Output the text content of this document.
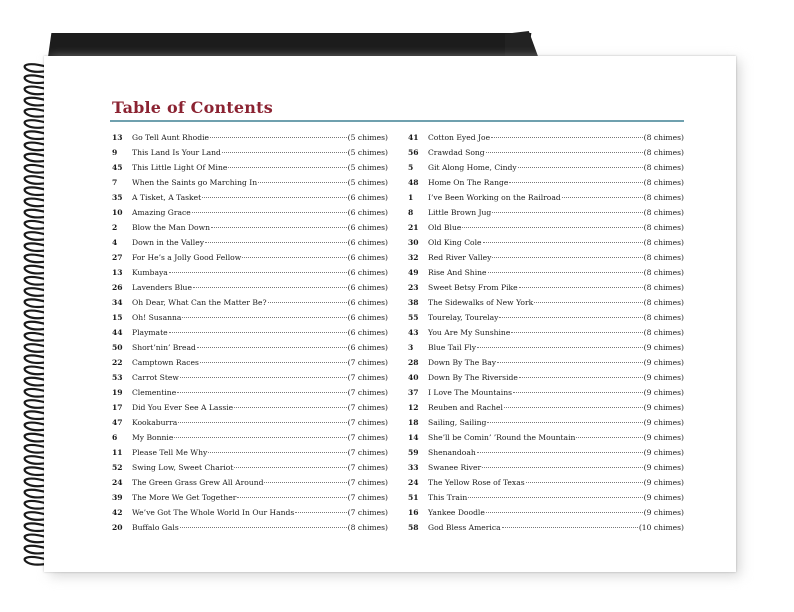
Table of Contents
13	Go Tell Aunt Rhodie	(5 chimes)
9	This Land Is Your Land	(5 chimes)
45	This Little Light Of Mine	(5 chimes)
7	When the Saints go Marching In	(5 chimes)
35	A Tisket, A Tasket	(6 chimes)
10	Amazing Grace	(6 chimes)
2	Blow the Man Down	(6 chimes)
4	Down in the Valley	(6 chimes)
27	For He’s a Jolly Good Fellow	(6 chimes)
13	Kumbaya	(6 chimes)
26	Lavenders Blue	(6 chimes)
34	Oh Dear, What Can the Matter Be?	(6 chimes)
15	Oh! Susanna	(6 chimes)
44	Playmate	(6 chimes)
50	Short’nin’ Bread	(6 chimes)
22	Camptown Races	(7 chimes)
53	Carrot Stew	(7 chimes)
19	Clementine	(7 chimes)
17	Did You Ever See A Lassie	(7 chimes)
47	Kookaburra	(7 chimes)
6	My Bonnie	(7 chimes)
11	Please Tell Me Why	(7 chimes)
52	Swing Low, Sweet Chariot	(7 chimes)
24	The Green Grass Grew All Around	(7 chimes)
39	The More We Get Together	(7 chimes)
42	We’ve Got The Whole World In Our Hands	(7 chimes)
20	Buffalo Gals	(8 chimes)
41	Cotton Eyed Joe	(8 chimes)
56	Crawdad Song	(8 chimes)
5	Git Along Home, Cindy	(8 chimes)
48	Home On The Range	(8 chimes)
1	I’ve Been Working on the Railroad	(8 chimes)
8	Little Brown Jug	(8 chimes)
21	Old Blue	(8 chimes)
30	Old King Cole	(8 chimes)
32	Red River Valley	(8 chimes)
49	Rise And Shine	(8 chimes)
23	Sweet Betsy From Pike	(8 chimes)
38	The Sidewalks of New York	(8 chimes)
55	Tourelay, Tourelay	(8 chimes)
43	You Are My Sunshine	(8 chimes)
3	Blue Tail Fly	(9 chimes)
28	Down By The Bay	(9 chimes)
40	Down By The Riverside	(9 chimes)
37	I Love The Mountains	(9 chimes)
12	Reuben and Rachel	(9 chimes)
18	Sailing, Sailing	(9 chimes)
14	She’ll be Comin’ ’Round the Mountain	(9 chimes)
59	Shenandoah	(9 chimes)
33	Swanee River	(9 chimes)
24	The Yellow Rose of Texas	(9 chimes)
51	This Train	(9 chimes)
16	Yankee Doodle	(9 chimes)
58	God Bless America	(10 chimes)
